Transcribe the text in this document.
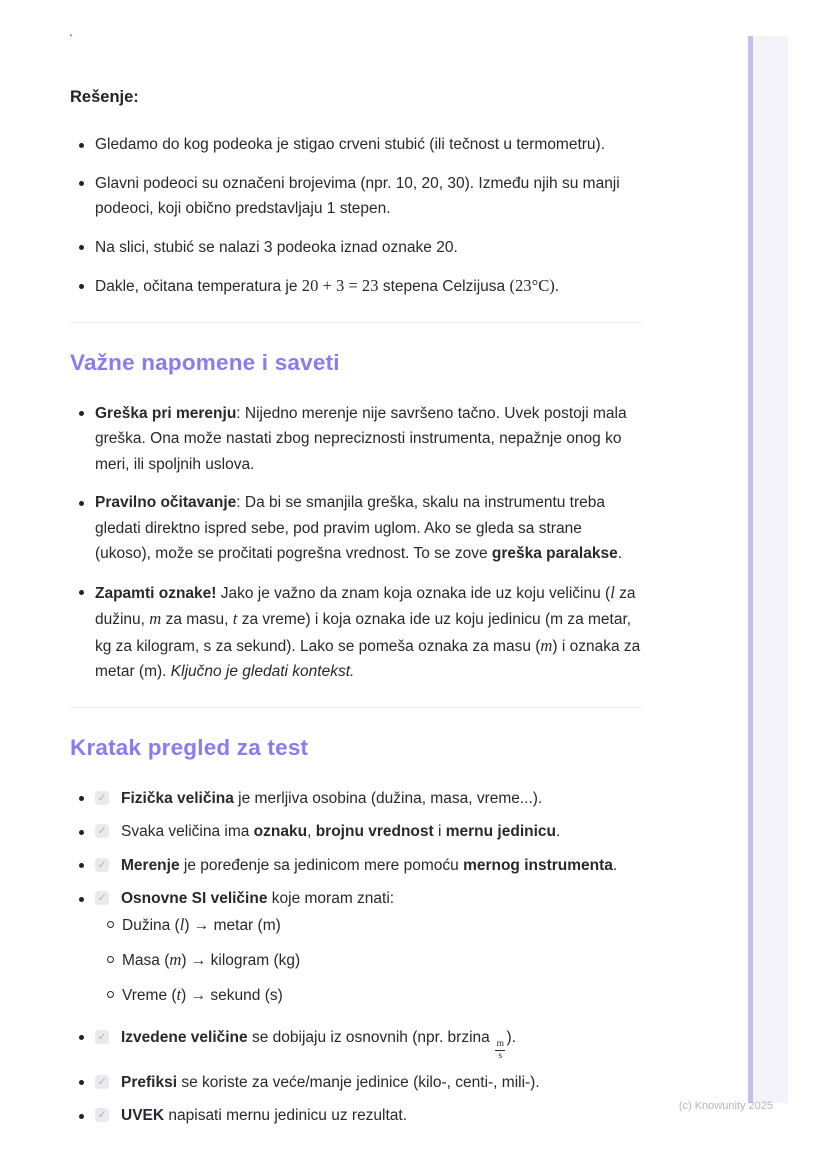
`
Rešenje:
Gledamo do kog podeoka je stigao crveni stubić (ili tečnost u termometru).
Glavni podeoci su označeni brojevima (npr. 10, 20, 30). Između njih su manji podeoci, koji obično predstavljaju 1 stepen.
Na slici, stubić se nalazi 3 podeoka iznad oznake 20.
Dakle, očitana temperatura je 20 + 3 = 23 stepena Celzijusa (23°C).
Važne napomene i saveti
Greška pri merenju: Nijedno merenje nije savršeno tačno. Uvek postoji mala greška. Ona može nastati zbog nepreciznosti instrumenta, nepažnje onog ko meri, ili spoljnih uslova.
Pravilno očitavanje: Da bi se smanjila greška, skalu na instrumentu treba gledati direktno ispred sebe, pod pravim uglom. Ako se gleda sa strane (ukoso), može se pročitati pogrešna vrednost. To se zove greška paralakse.
Zapamti oznake! Jako je važno da znam koja oznaka ide uz koju veličinu (l za dužinu, m za masu, t za vreme) i koja oznaka ide uz koju jedinicu (m za metar, kg za kilogram, s za sekund). Lako se pomeša oznaka za masu (m) i oznaka za metar (m). Ključno je gledati kontekst.
Kratak pregled za test
✓ Fizička veličina je merljiva osobina (dužina, masa, vreme...).
✓ Svaka veličina ima oznaku, brojnu vrednost i mernu jedinicu.
✓ Merenje je poređenje sa jedinicom mere pomoću mernog instrumenta.
✓ Osnovne SI veličine koje moram znati:
Dužina (l) → metar (m)
Masa (m) → kilogram (kg)
Vreme (t) → sekund (s)
✓ Izvedene veličine se dobijaju iz osnovnih (npr. brzina
$\frac{m}{s}$
).
✓ Prefiksi se koriste za veće/manje jedinice (kilo-, centi-, mili-).
✓ UVEK napisati mernu jedinicu uz rezultat.
(c) Knowunity 2025
